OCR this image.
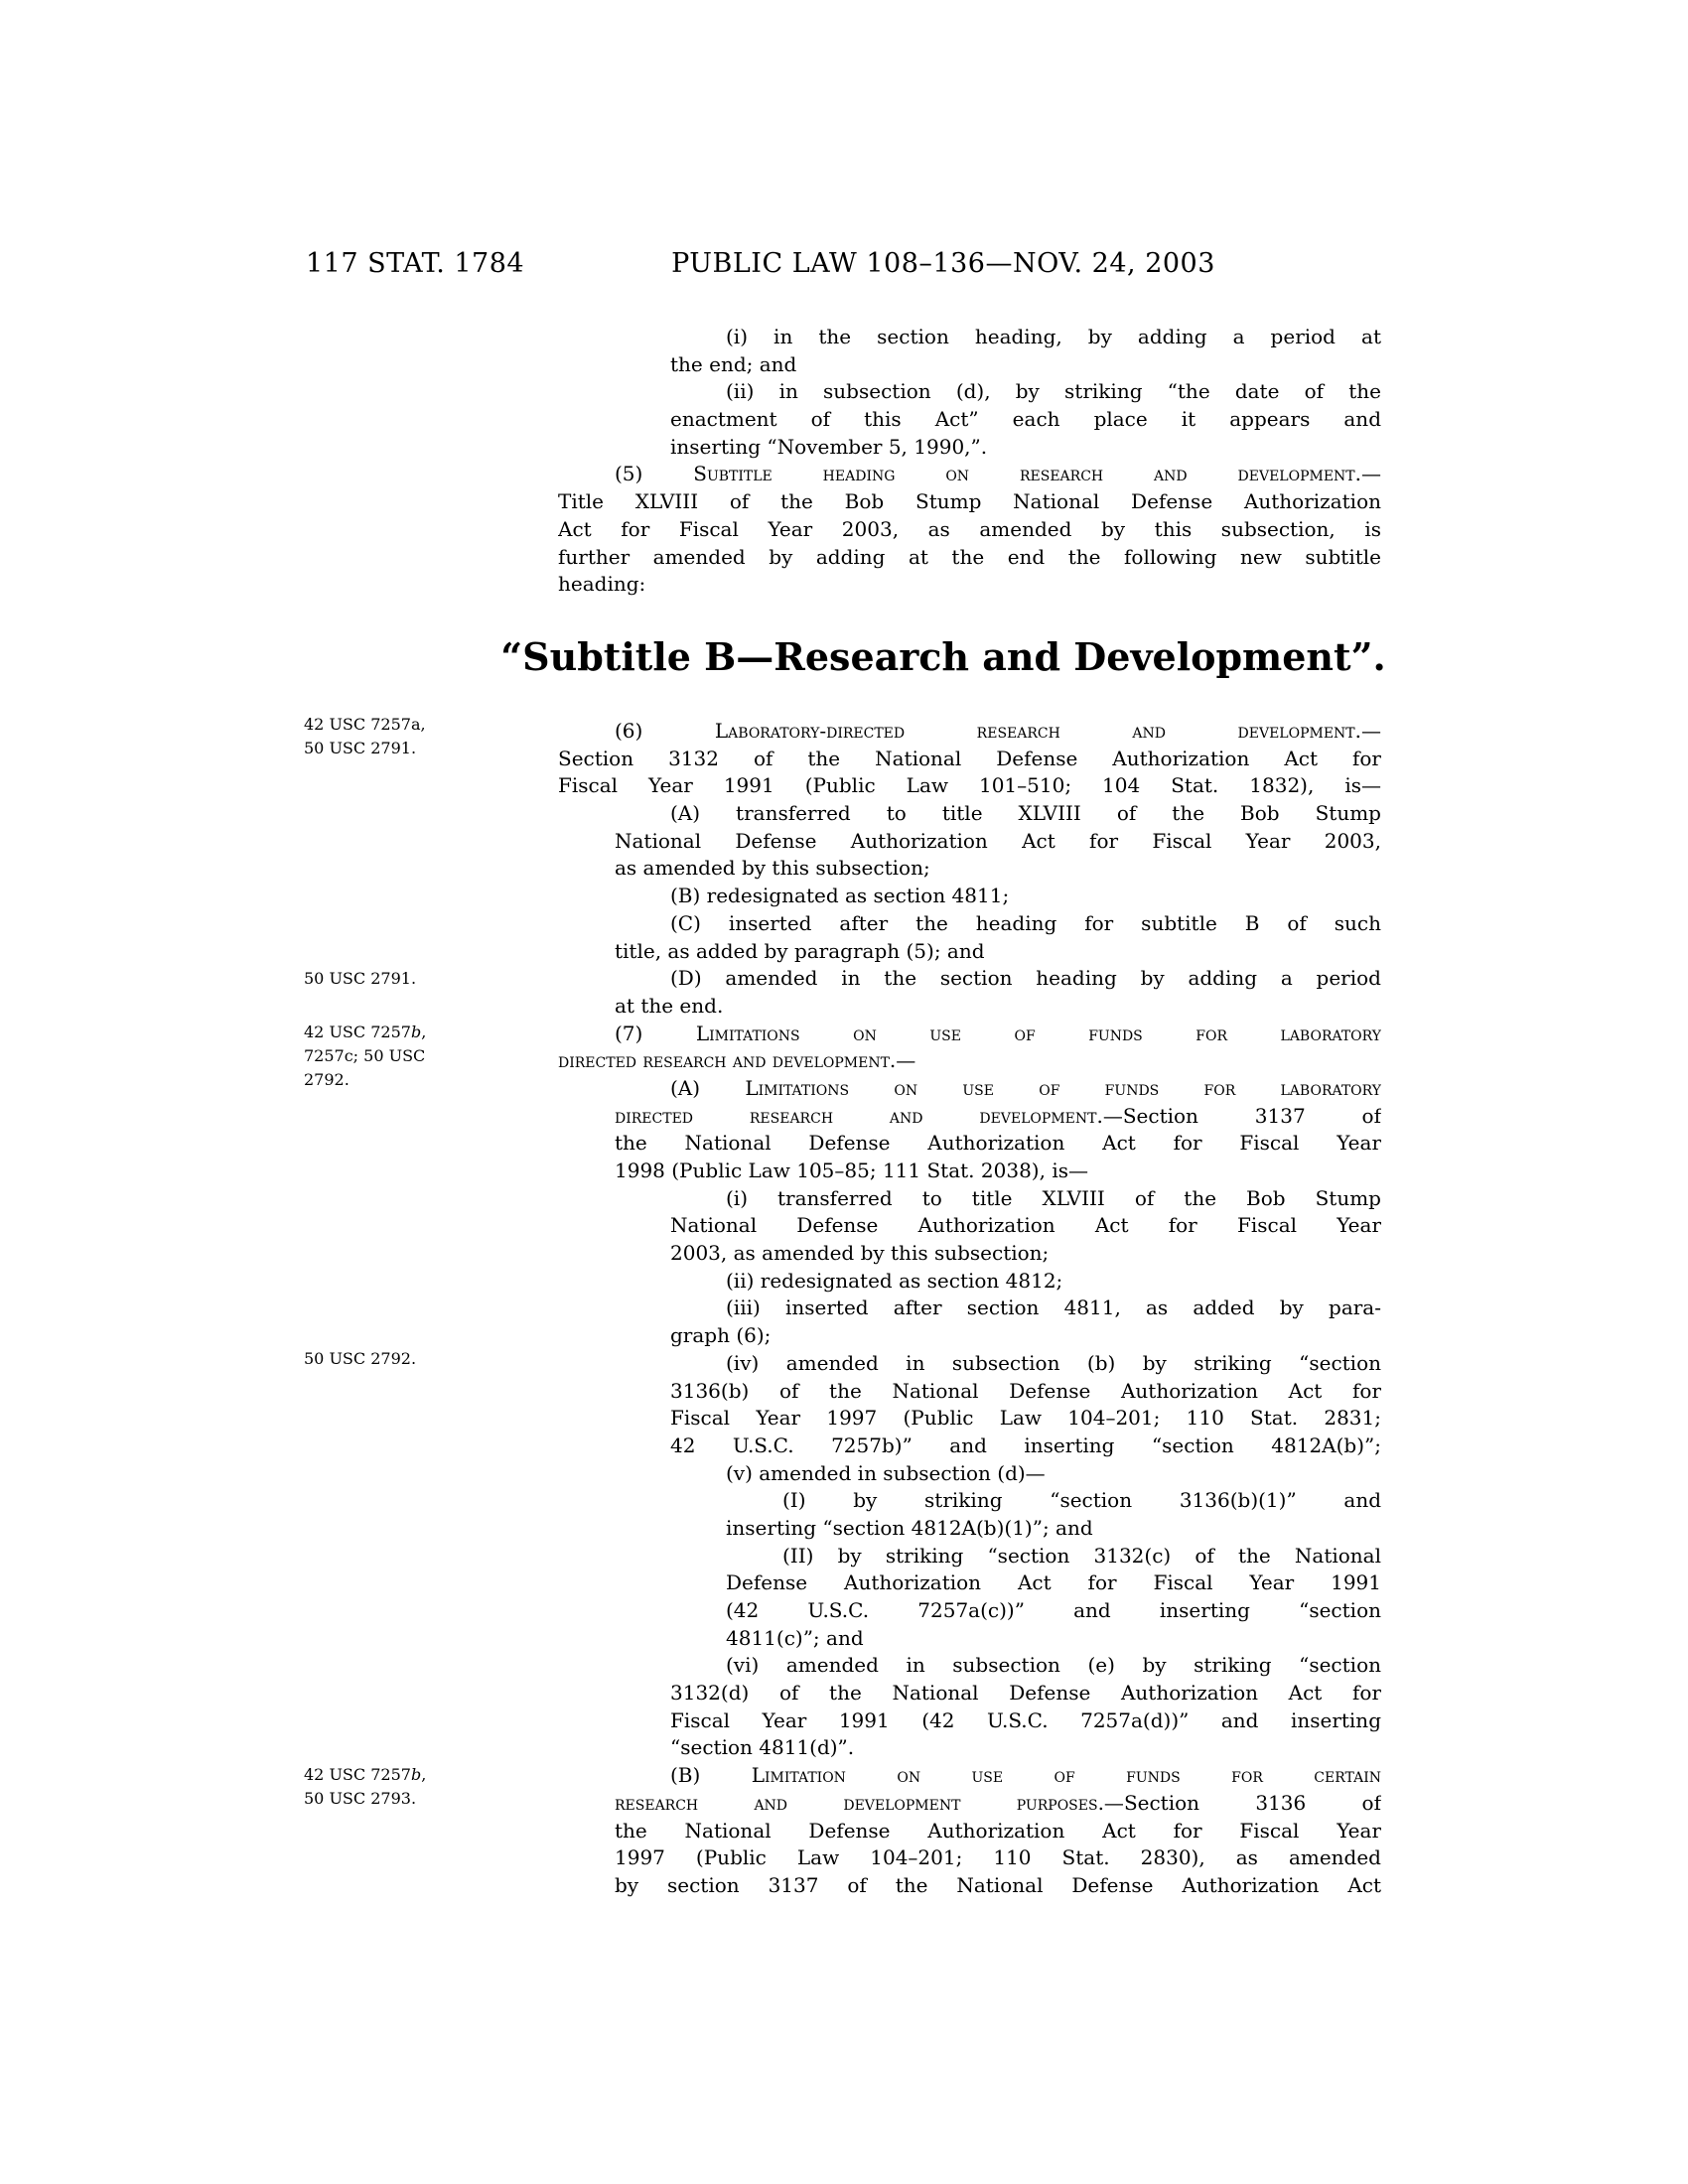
117 STAT. 1784	PUBLIC LAW 108–136—NOV. 24, 2003
42 USC 7257a,
50 USC 2791.
50 USC 2791.
42 USC 7257b,
7257c; 50 USC
2792.
50 USC 2792.
42 USC 7257b,
50 USC 2793.
(i) in the section heading, by adding a period at
the end; and
(ii) in subsection (d), by striking “the date of the
enactment of this Act” each place it appears and
inserting “November 5, 1990,”.
(5) Subtitle heading on research and development.—
Title XLVIII of the Bob Stump National Defense Authorization
Act for Fiscal Year 2003, as amended by this subsection, is
further amended by adding at the end the following new subtitle
heading:
“Subtitle B—Research and Development”.
(6) Laboratory-directed research and development.—
Section 3132 of the National Defense Authorization Act for
Fiscal Year 1991 (Public Law 101–510; 104 Stat. 1832), is—
(A) transferred to title XLVIII of the Bob Stump
National Defense Authorization Act for Fiscal Year 2003,
as amended by this subsection;
(B) redesignated as section 4811;
(C) inserted after the heading for subtitle B of such
title, as added by paragraph (5); and
(D) amended in the section heading by adding a period
at the end.
(7) Limitations on use of funds for laboratory
directed research and development.—
(A) Limitations on use of funds for laboratory
directed research and development.—Section 3137 of
the National Defense Authorization Act for Fiscal Year
1998 (Public Law 105–85; 111 Stat. 2038), is—
(i) transferred to title XLVIII of the Bob Stump
National Defense Authorization Act for Fiscal Year
2003, as amended by this subsection;
(ii) redesignated as section 4812;
(iii) inserted after section 4811, as added by para-
graph (6);
(iv) amended in subsection (b) by striking “section
3136(b) of the National Defense Authorization Act for
Fiscal Year 1997 (Public Law 104–201; 110 Stat. 2831;
42 U.S.C. 7257b)” and inserting “section 4812A(b)”;
(v) amended in subsection (d)—
(I) by striking “section 3136(b)(1)” and
inserting “section 4812A(b)(1)”; and
(II) by striking “section 3132(c) of the National
Defense Authorization Act for Fiscal Year 1991
(42 U.S.C. 7257a(c))” and inserting “section
4811(c)”; and
(vi) amended in subsection (e) by striking “section
3132(d) of the National Defense Authorization Act for
Fiscal Year 1991 (42 U.S.C. 7257a(d))” and inserting
“section 4811(d)”.
(B) Limitation on use of funds for certain
research and development purposes.—Section 3136 of
the National Defense Authorization Act for Fiscal Year
1997 (Public Law 104–201; 110 Stat. 2830), as amended
by section 3137 of the National Defense Authorization Act
